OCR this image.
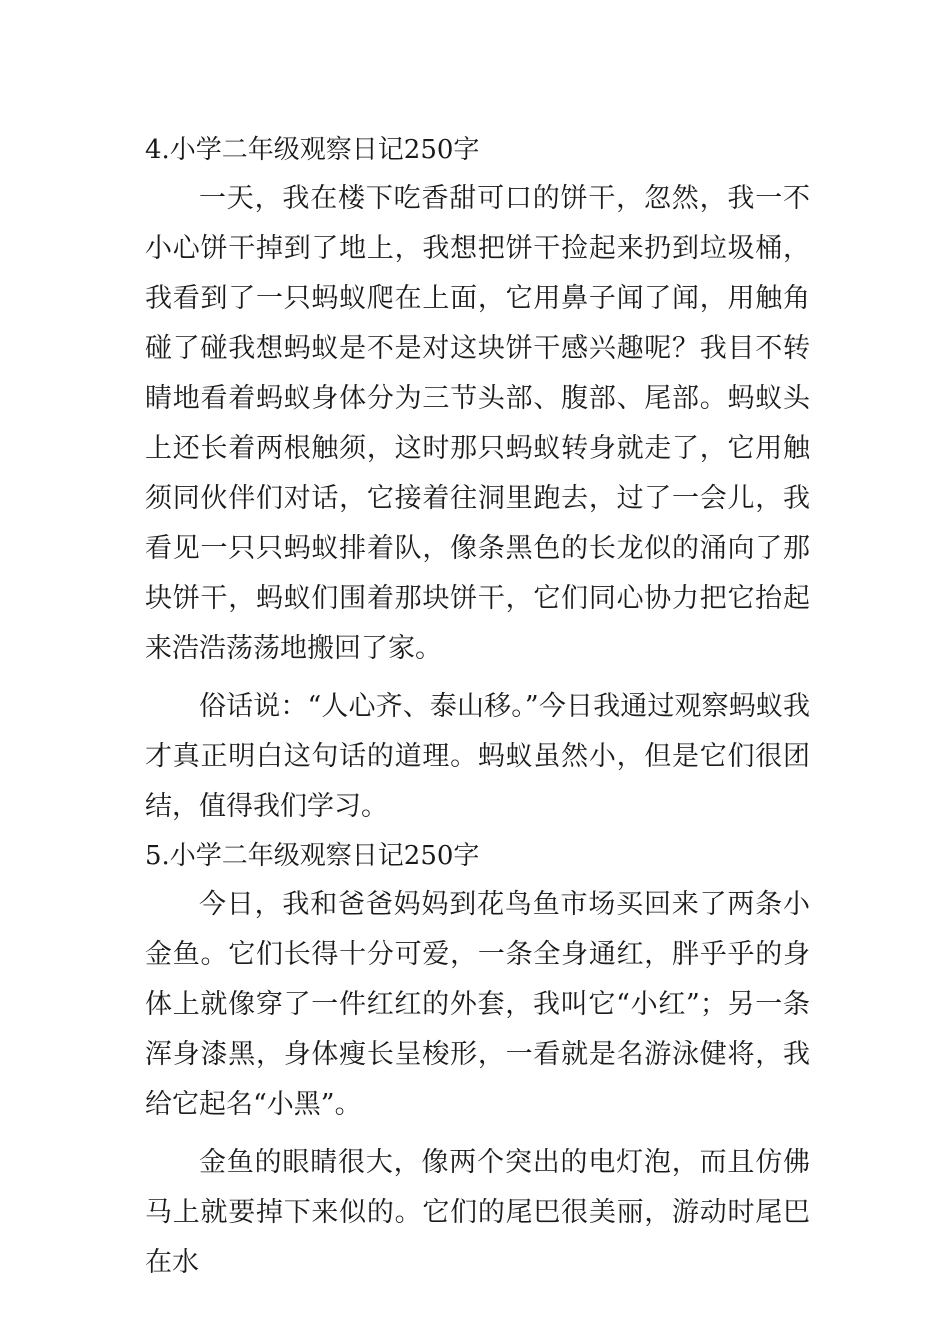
4.小学二年级观察日记250字

一天，我在楼下吃香甜可口的饼干，忽然，我一不小心饼干掉到了地上，我想把饼干捡起来扔到垃圾桶，我看到了一只蚂蚁爬在上面，它用鼻子闻了闻，用触角碰了碰我想蚂蚁是不是对这块饼干感兴趣呢？我目不转睛地看着蚂蚁身体分为三节头部、腹部、尾部。蚂蚁头上还长着两根触须，这时那只蚂蚁转身就走了，它用触须同伙伴们对话，它接着往洞里跑去，过了一会儿，我看见一只只蚂蚁排着队，像条黑色的长龙似的涌向了那块饼干，蚂蚁们围着那块饼干，它们同心协力把它抬起来浩浩荡荡地搬回了家。

俗话说：“人心齐、泰山移。”今日我通过观察蚂蚁我才真正明白这句话的道理。蚂蚁虽然小，但是它们很团结，值得我们学习。

5.小学二年级观察日记250字

今日，我和爸爸妈妈到花鸟鱼市场买回来了两条小金鱼。它们长得十分可爱，一条全身通红，胖乎乎的身体上就像穿了一件红红的外套，我叫它“小红”；另一条浑身漆黑，身体瘦长呈梭形，一看就是名游泳健将，我给它起名“小黑”。

金鱼的眼睛很大，像两个突出的电灯泡，而且仿佛马上就要掉下来似的。它们的尾巴很美丽，游动时尾巴在水
